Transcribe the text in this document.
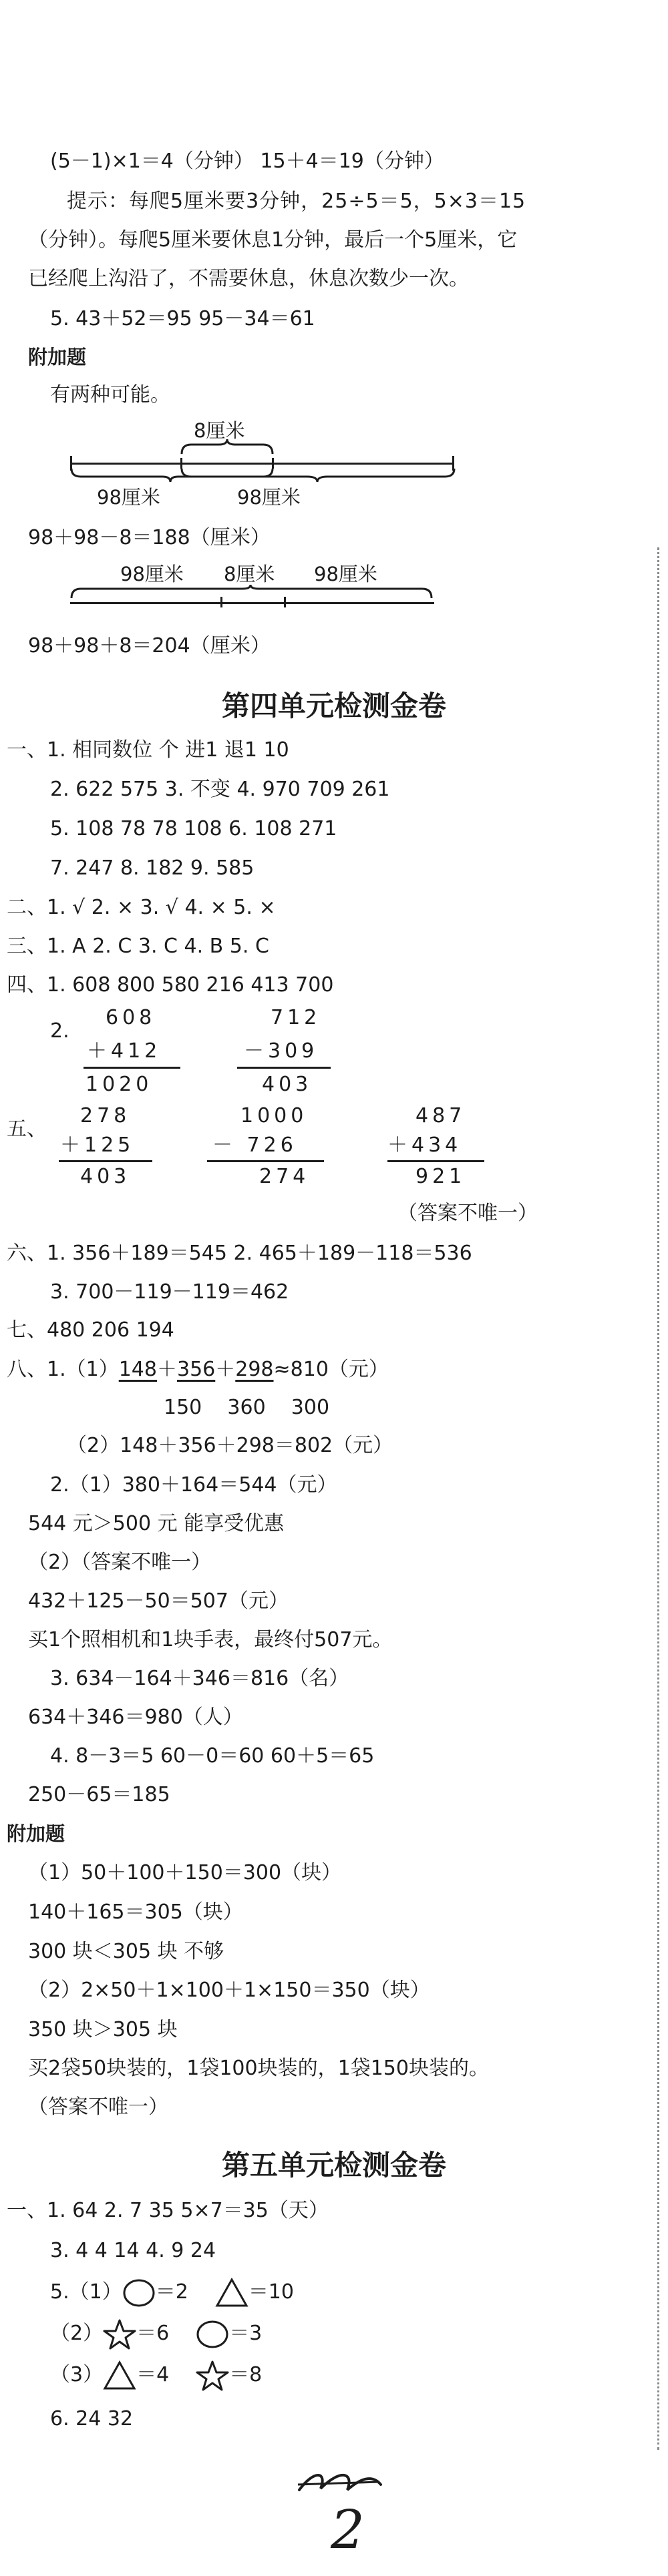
(5－1)×1＝4（分钟） 15＋4＝19（分钟）
提示：每爬5厘米要3分钟，25÷5＝5，5×3＝15
（分钟）。每爬5厘米要休息1分钟，最后一个5厘米，它
已经爬上沟沿了，不需要休息，休息次数少一次。
5. 43＋52＝95 95－34＝61
附加题
有两种可能。
8厘米
98厘米	98厘米
98＋98－8＝188（厘米）
98厘米 8厘米 98厘米
98＋98＋8＝204（厘米）
第四单元检测金卷
一、1. 相同数位 个 进1 退1 10
2. 622 575 3. 不变 4. 970 709 261
5. 108 78 78 108 6. 108 271
7. 247 8. 182 9. 585
二、1. √ 2. × 3. √ 4. × 5. ×
三、1. A 2. C 3. C 4. B 5. C
四、1. 608 800 580 216 413 700
2.
608
＋412
1020
712
－309
403
五、
278
＋125
403
1000
－ 726
274
487
＋434
921
（答案不唯一）
六、1. 356＋189＝545 2. 465＋189－118＝536
3. 700－119－119＝462
七、480 206 194
八、1.（1）148＋356＋298≈810（元）
150    360    300
（2）148＋356＋298＝802（元）
2.（1）380＋164＝544（元）
544 元＞500 元 能享受优惠
（2）（答案不唯一）
432＋125－50＝507（元）
买1个照相机和1块手表，最终付507元。
3. 634－164＋346＝816（名）
634＋346＝980（人）
4. 8－3＝5 60－0＝60 60＋5＝65
250－65＝185
附加题
（1）50＋100＋150＝300（块）
140＋165＝305（块）
300 块＜305 块 不够
（2）2×50＋1×100＋1×150＝350（块）
350 块＞305 块
买2袋50块装的，1袋100块装的，1袋150块装的。
（答案不唯一）
第五单元检测金卷
一、1. 64 2. 7 35 5×7＝35（天）
3. 4 4 14 4. 9 24
5.（1） ＝2	＝10
（2） ＝6	＝3
（3） ＝4	＝8
6. 24 32
2
